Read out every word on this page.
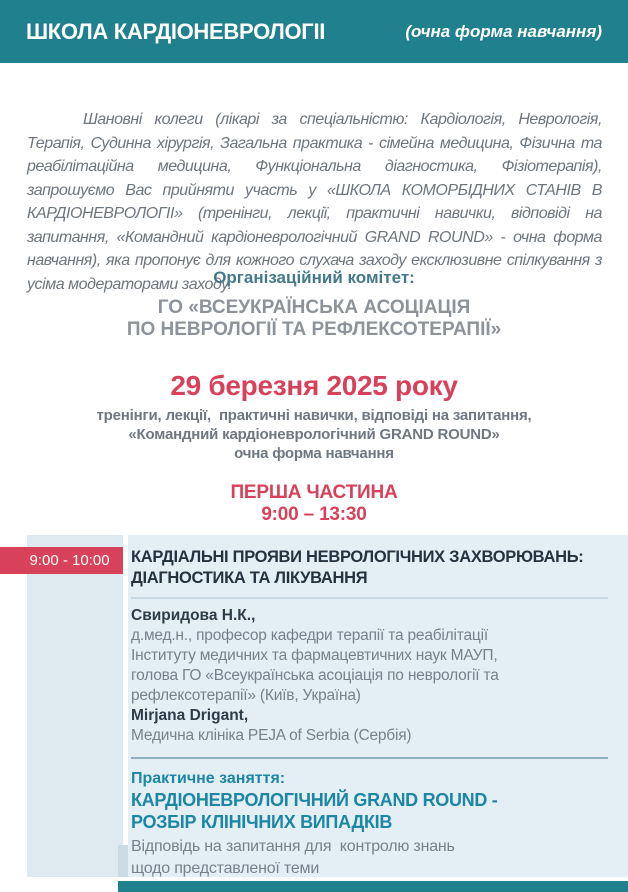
ШКОЛА КАРДІОНЕВРОЛОГІІ	(очна форма навчання)

Шановні колеги (лікарі за спеціальністю: Кардіологія, Неврологія, Терапія, Судинна хірургія, Загальна практика - сімейна медицина, Фізична та реабілітаційна медицина, Функціональна діагностика, Фізіотерапія), запрошуємо Вас прийняти участь у «ШКОЛА КОМОРБІДНИХ СТАНІВ В КАРДІОНЕВРОЛОГІІ» (тренінги, лекції, практичні навички, відповіді на запитання, «Командний кардіоневрологічний GRAND ROUND» - очна форма навчання), яка пропонує для кожного слухача заходу ексклюзивне спілкування з усіма модераторами заходу.

Організаційний комітет:

ГО «ВСЕУКРАЇНСЬКА АСОЦІАЦІЯ
ПО НЕВРОЛОГІЇ ТА РЕФЛЕКСОТЕРАПІЇ»

29 березня 2025 року
тренінги, лекції,  практичні навички, відповіді на запитання,
«Командний кардіоневрологічний GRAND ROUND»
очна форма навчання
ПЕРША ЧАСТИНА
9:00 – 13:30

КАРДІАЛЬНІ ПРОЯВИ НЕВРОЛОГІЧНИХ ЗАХВОРЮВАНЬ:
ДІАГНОСТИКА ТА ЛІКУВАННЯ

Свиридова Н.К.,
д.мед.н., професор кафедри терапії та реабілітації
Інституту медичних та фармацевтичних наук МАУП,
голова ГО «Всеукраїнська асоціація по неврології та
рефлексотерапії» (Київ, Україна)
Mirjana Drigant,
Медична клініка PEJA of Serbia (Сербія)
Практичне заняття:

КАРДІОНЕВРОЛОГІЧНИЙ GRAND ROUND -
РОЗБІР КЛІНІЧНИХ ВИПАДКІВ

Відповідь на запитання для  контролю знань
щодо представленої теми
9:00 - 10:00
